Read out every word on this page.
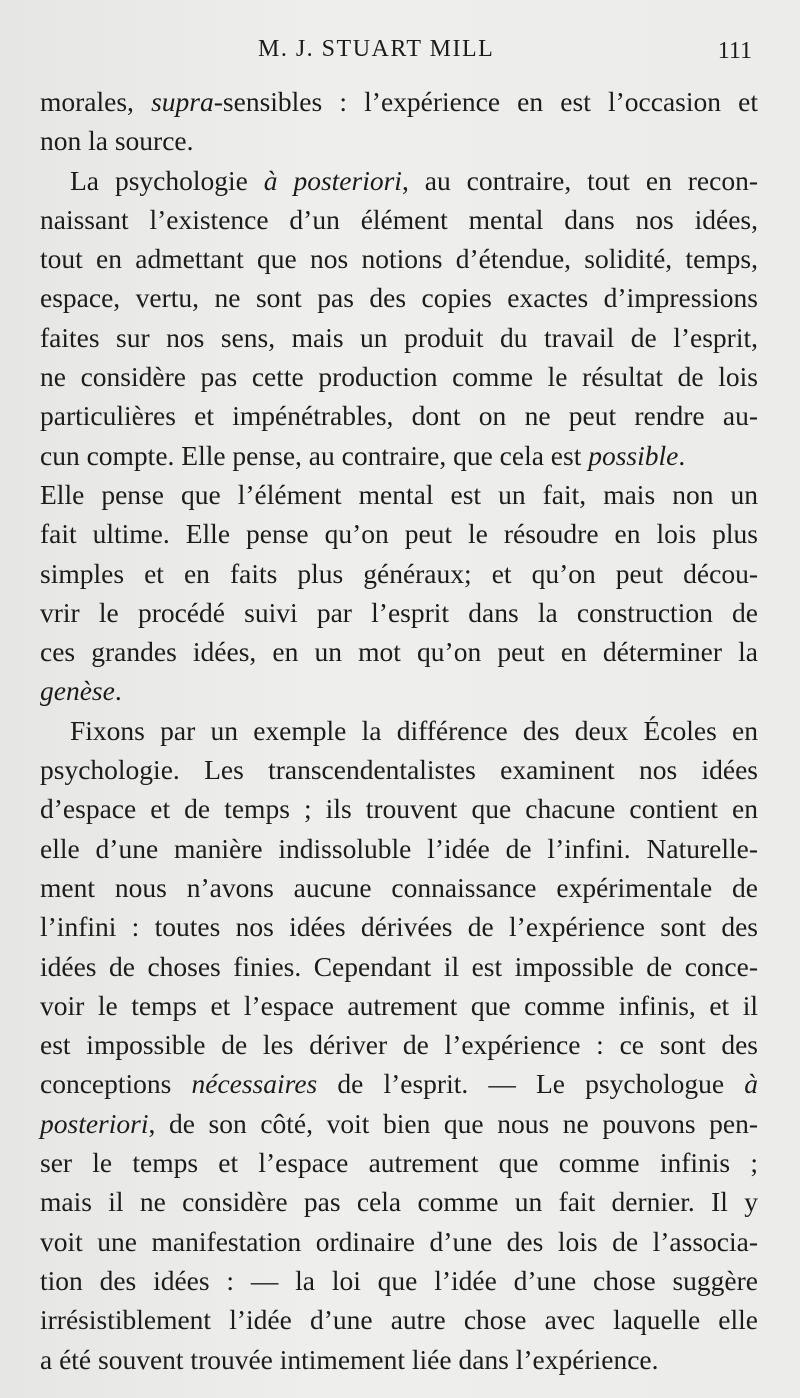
M. J. STUART MILL	111
morales, supra-sensibles : l’expérience en est l’occasion et
non la source.
La psychologie à posteriori, au contraire, tout en recon-
naissant l’existence d’un élément mental dans nos idées,
tout en admettant que nos notions d’étendue, solidité, temps,
espace, vertu, ne sont pas des copies exactes d’impressions
faites sur nos sens, mais un produit du travail de l’esprit,
ne considère pas cette production comme le résultat de lois
particulières et impénétrables, dont on ne peut rendre au-
cun compte. Elle pense, au contraire, que cela est possible.
Elle pense que l’élément mental est un fait, mais non un
fait ultime. Elle pense qu’on peut le résoudre en lois plus
simples et en faits plus généraux; et qu’on peut décou-
vrir le procédé suivi par l’esprit dans la construction de
ces grandes idées, en un mot qu’on peut en déterminer la
genèse.
Fixons par un exemple la différence des deux Écoles en
psychologie. Les transcendentalistes examinent nos idées
d’espace et de temps ; ils trouvent que chacune contient en
elle d’une manière indissoluble l’idée de l’infini. Naturelle-
ment nous n’avons aucune connaissance expérimentale de
l’infini : toutes nos idées dérivées de l’expérience sont des
idées de choses finies. Cependant il est impossible de conce-
voir le temps et l’espace autrement que comme infinis, et il
est impossible de les dériver de l’expérience : ce sont des
conceptions nécessaires de l’esprit. — Le psychologue à
posteriori, de son côté, voit bien que nous ne pouvons pen-
ser le temps et l’espace autrement que comme infinis ;
mais il ne considère pas cela comme un fait dernier. Il y
voit une manifestation ordinaire d’une des lois de l’associa-
tion des idées : — la loi que l’idée d’une chose suggère
irrésistiblement l’idée d’une autre chose avec laquelle elle
a été souvent trouvée intimement liée dans l’expérience.
